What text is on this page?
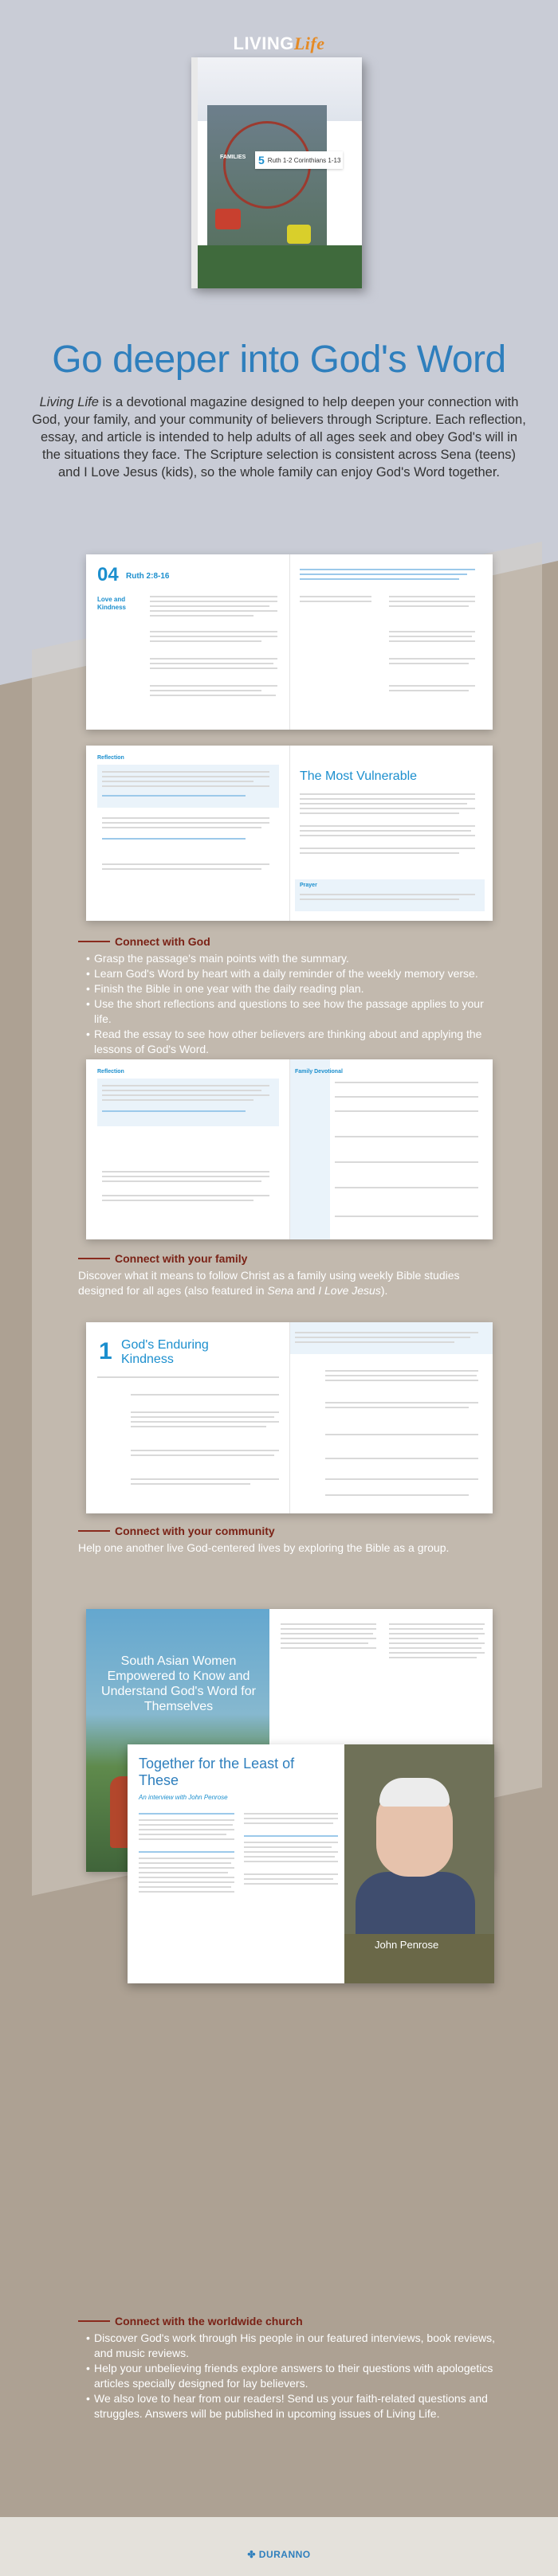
LIVINGLife
FAMILIES 5 Ruth 1-2 Corinthians 1-13
Go deeper into God's Word

Living Life is a devotional magazine designed to help deepen your connection with God, your family, and your community of believers through Scripture. Each reflection, essay, and article is intended to help adults of all ages seek and obey God's will in the situations they face. The Scripture selection is consistent across Sena (teens) and I Love Jesus (kids), so the whole family can enjoy God's Word together.

04 Ruth 2:8-16
Love and Kindness
Reflection
The Most Vulnerable
Prayer
Connect with God
• Grasp the passage's main points with the summary.
• Learn God's Word by heart with a daily reminder of the weekly memory verse.
• Finish the Bible in one year with the daily reading plan.
• Use the short reflections and questions to see how the passage applies to your life.
• Read the essay to see how other believers are thinking about and applying the lessons of God's Word.
Reflection	Family Devotional
Connect with your family

Discover what it means to follow Christ as a family using weekly Bible studies designed for all ages (also featured in Sena and I Love Jesus).

1 God's Enduring Kindness
Connect with your community

Help one another live God-centered lives by exploring the Bible as a group.

South Asian Women Empowered to Know and Understand God's Word for Themselves
Together for the Least of These
An interview with John Penrose
John Penrose
Connect with the worldwide church
• Discover God's work through His people in our featured interviews, book reviews, and music reviews.
• Help your unbelieving friends explore answers to their questions with apologetics articles specially designed for lay believers.
• We also love to hear from our readers! Send us your faith-related questions and struggles. Answers will be published in upcoming issues of Living Life.
✤ DURANNO
